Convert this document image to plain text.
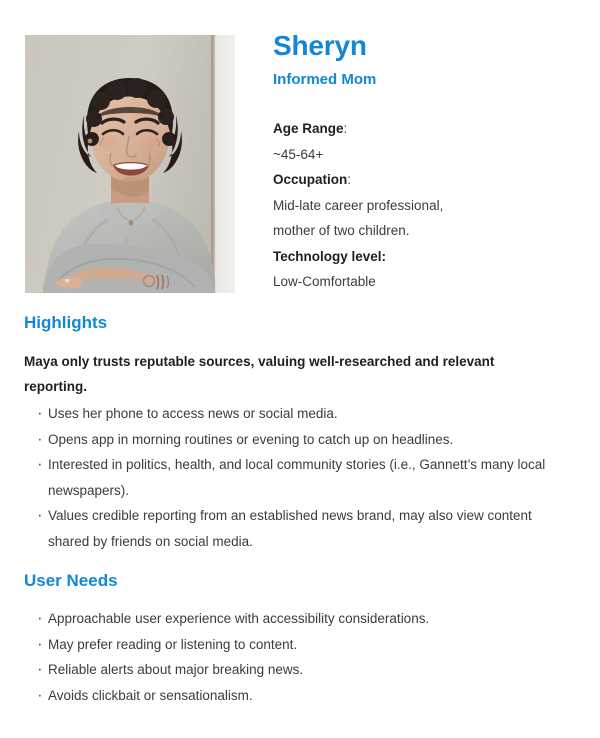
Sheryn
Informed Mom
Age Range:
~45-64+
Occupation:
Mid-late career professional,
mother of two children.
Technology level:
Low-Comfortable
Highlights

Maya only trusts reputable sources, valuing well-researched and relevant reporting.

· Uses her phone to access news or social media.
· Opens app in morning routines or evening to catch up on headlines.
· Interested in politics, health, and local community stories (i.e., Gannett’s many local newspapers).
· Values credible reporting from an established news brand, may also view content shared by friends on social media.
User Needs
· Approachable user experience with accessibility considerations.
· May prefer reading or listening to content.
· Reliable alerts about major breaking news.
· Avoids clickbait or sensationalism.
